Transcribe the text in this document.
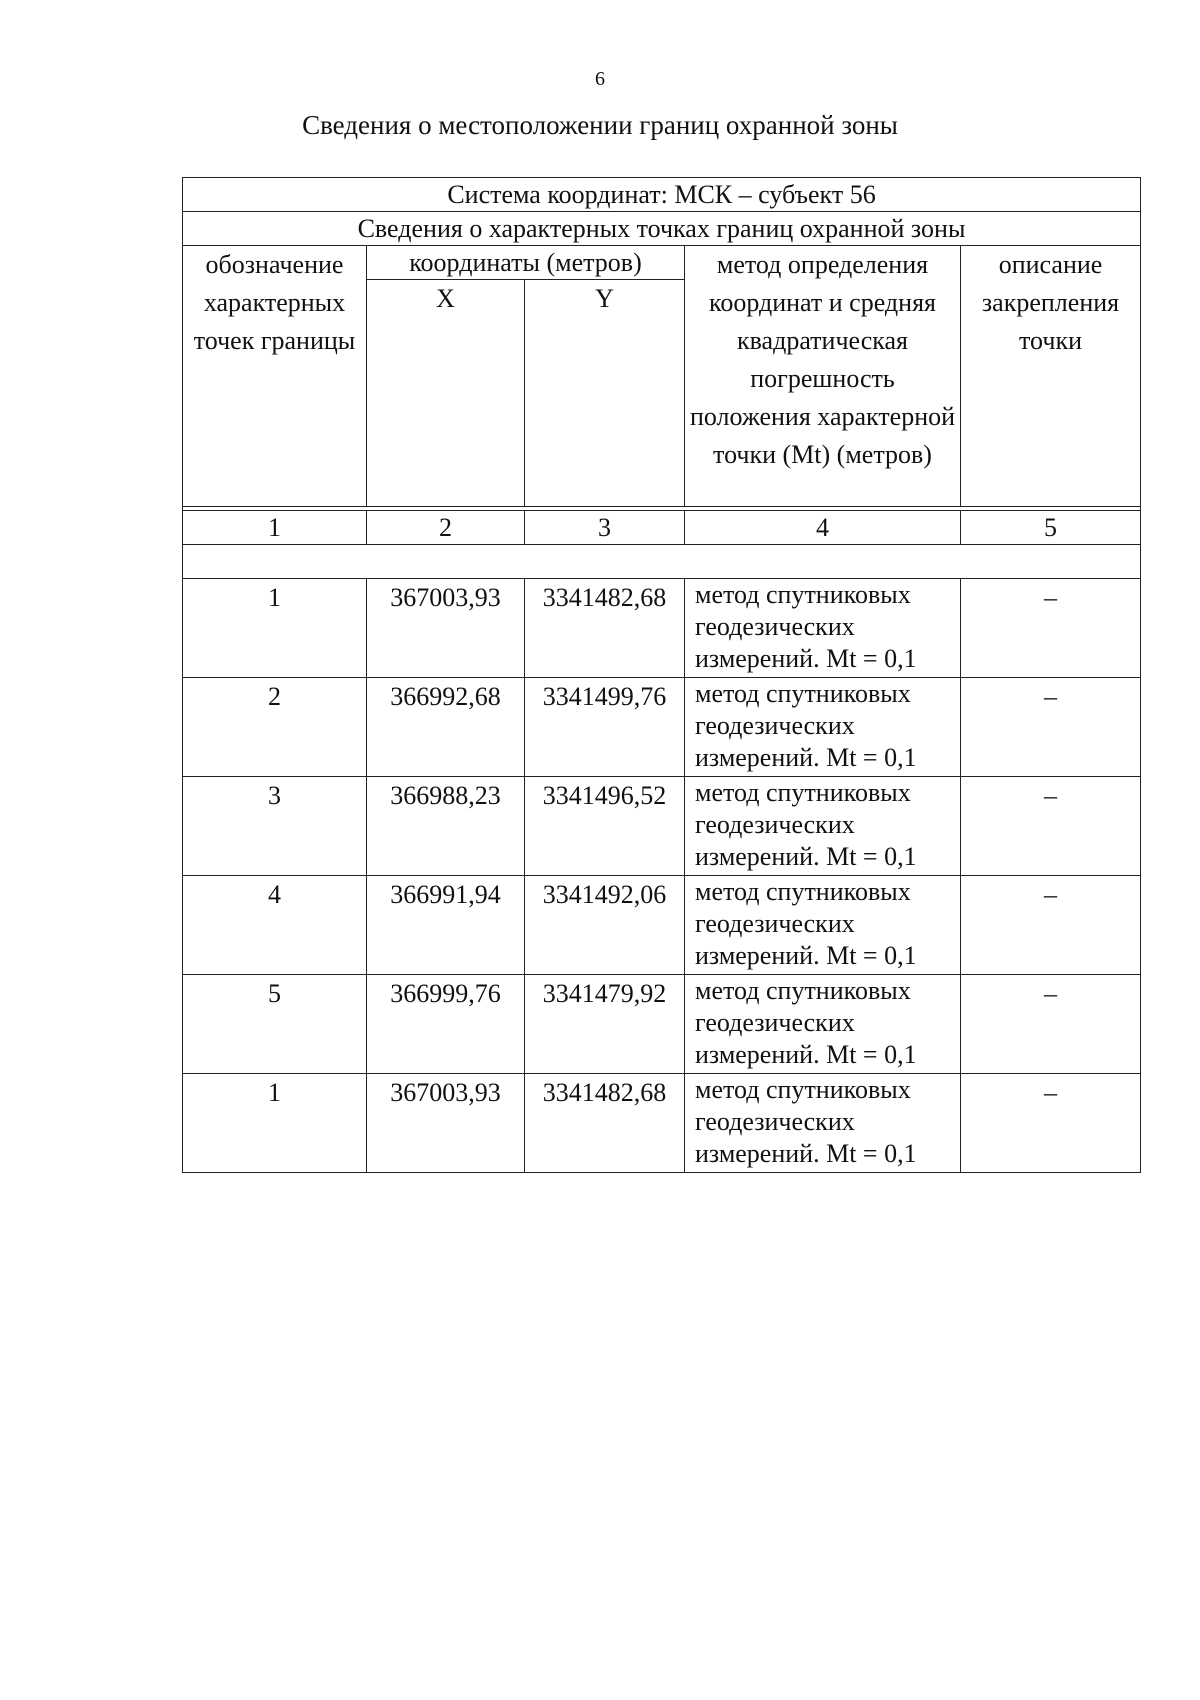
6
Сведения о местоположении границ охранной зоны
Система координат: МСК – субъект 56				
Сведения о характерных точках границ охранной зоны				
обозначение характерных точек границы	координаты (метров)		метод определения координат и средняя квадратическая погрешность положения характерной точки (Mt) (метров)	описание закрепления точки
	X	Y		

1	2	3	4	5

1	367003,93	3341482,68	метод спутниковых геодезических измерений. Mt = 0,1	–
2	366992,68	3341499,76	метод спутниковых геодезических измерений. Mt = 0,1	–
3	366988,23	3341496,52	метод спутниковых геодезических измерений. Mt = 0,1	–
4	366991,94	3341492,06	метод спутниковых геодезических измерений. Mt = 0,1	–
5	366999,76	3341479,92	метод спутниковых геодезических измерений. Mt = 0,1	–
1	367003,93	3341482,68	метод спутниковых геодезических измерений. Mt = 0,1	–
